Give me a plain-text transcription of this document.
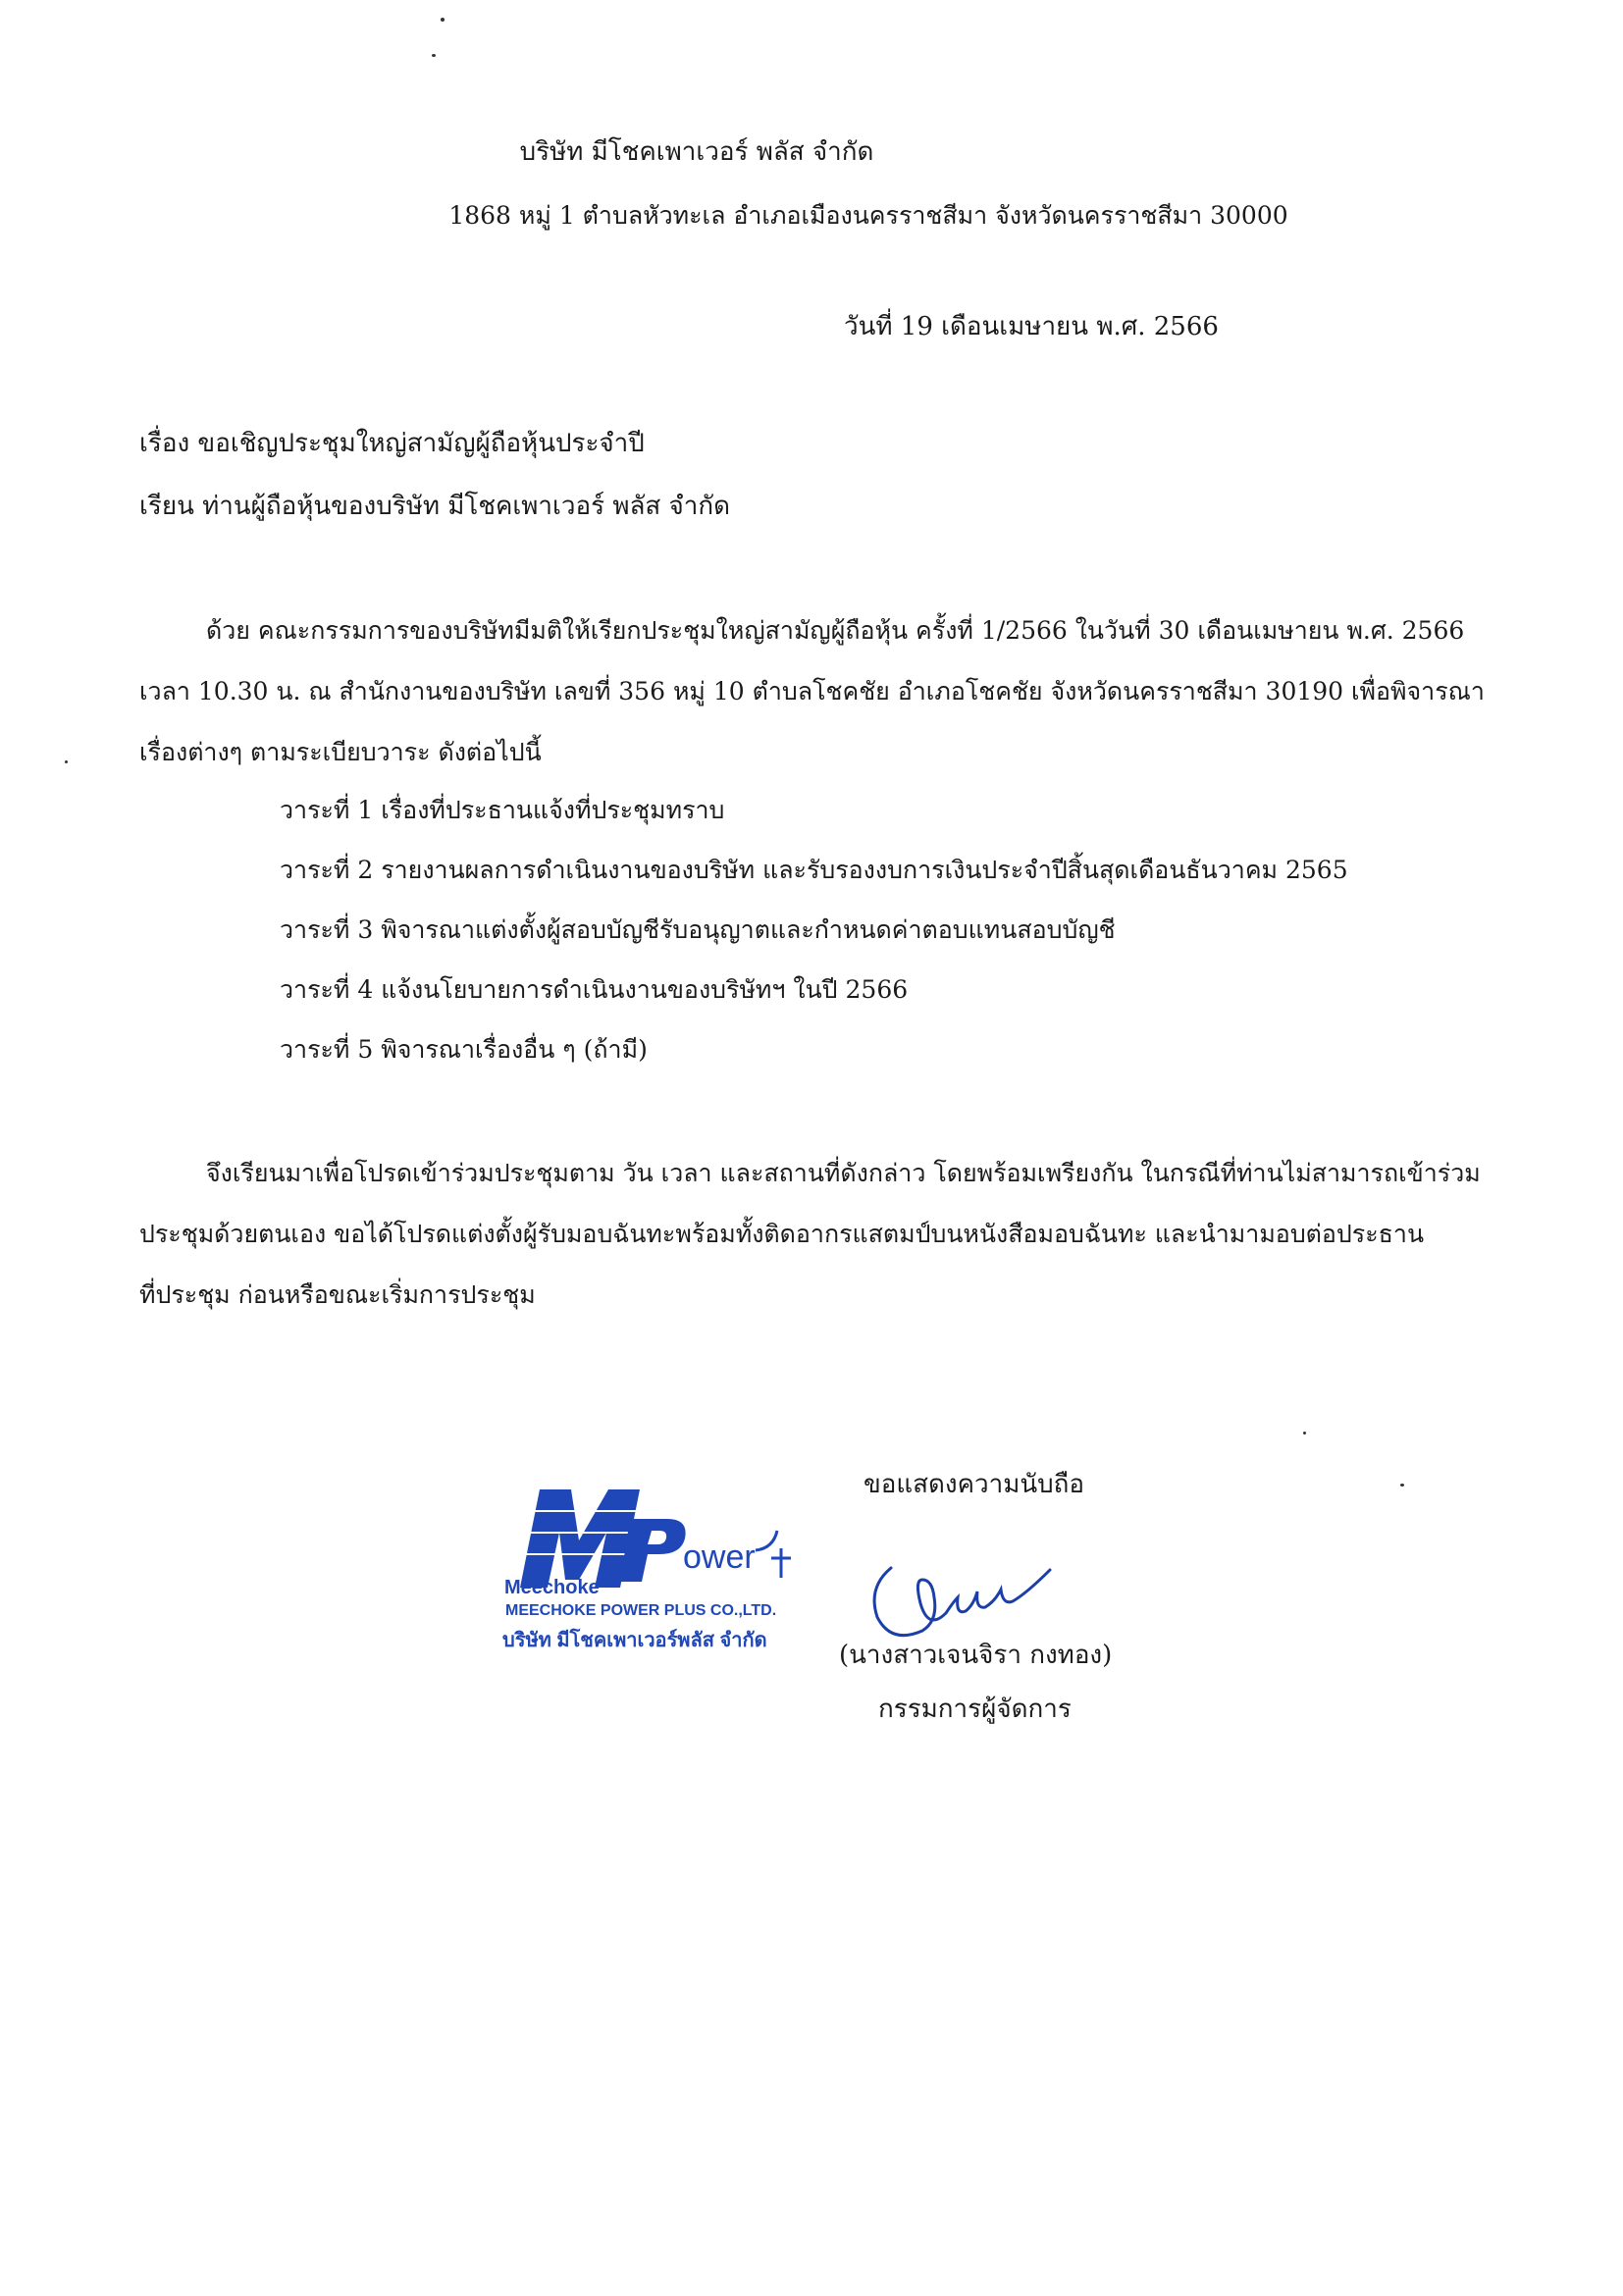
บริษัท มีโชคเพาเวอร์ พลัส จำกัด
1868 หมู่ 1 ตำบลหัวทะเล อำเภอเมืองนครราชสีมา จังหวัดนครราชสีมา 30000
วันที่ 19 เดือนเมษายน พ.ศ. 2566
เรื่อง ขอเชิญประชุมใหญ่สามัญผู้ถือหุ้นประจำปี
เรียน ท่านผู้ถือหุ้นของบริษัท มีโชคเพาเวอร์ พลัส จำกัด
ด้วย คณะกรรมการของบริษัทมีมติให้เรียกประชุมใหญ่สามัญผู้ถือหุ้น ครั้งที่ 1/2566 ในวันที่ 30 เดือนเมษายน พ.ศ. 2566
เวลา 10.30 น. ณ สำนักงานของบริษัท เลขที่ 356 หมู่ 10 ตำบลโชคชัย อำเภอโชคชัย จังหวัดนครราชสีมา 30190 เพื่อพิจารณา
เรื่องต่างๆ ตามระเบียบวาระ ดังต่อไปนี้
วาระที่ 1 เรื่องที่ประธานแจ้งที่ประชุมทราบ
วาระที่ 2 รายงานผลการดำเนินงานของบริษัท และรับรองงบการเงินประจำปีสิ้นสุดเดือนธันวาคม 2565
วาระที่ 3 พิจารณาแต่งตั้งผู้สอบบัญชีรับอนุญาตและกำหนดค่าตอบแทนสอบบัญชี
วาระที่ 4 แจ้งนโยบายการดำเนินงานของบริษัทฯ ในปี 2566
วาระที่ 5 พิจารณาเรื่องอื่น ๆ (ถ้ามี)
จึงเรียนมาเพื่อโปรดเข้าร่วมประชุมตาม วัน เวลา และสถานที่ดังกล่าว โดยพร้อมเพรียงกัน ในกรณีที่ท่านไม่สามารถเข้าร่วม
ประชุมด้วยตนเอง ขอได้โปรดแต่งตั้งผู้รับมอบฉันทะพร้อมทั้งติดอากรแสตมป์บนหนังสือมอบฉันทะ และนำมามอบต่อประธาน
ที่ประชุม ก่อนหรือขณะเริ่มการประชุม
ower
Meechoke
MEECHOKE POWER PLUS CO.,LTD.
บริษัท มีโชคเพาเวอร์พลัส จำกัด
ขอแสดงความนับถือ
(นางสาวเจนจิรา กงทอง)
กรรมการผู้จัดการ
